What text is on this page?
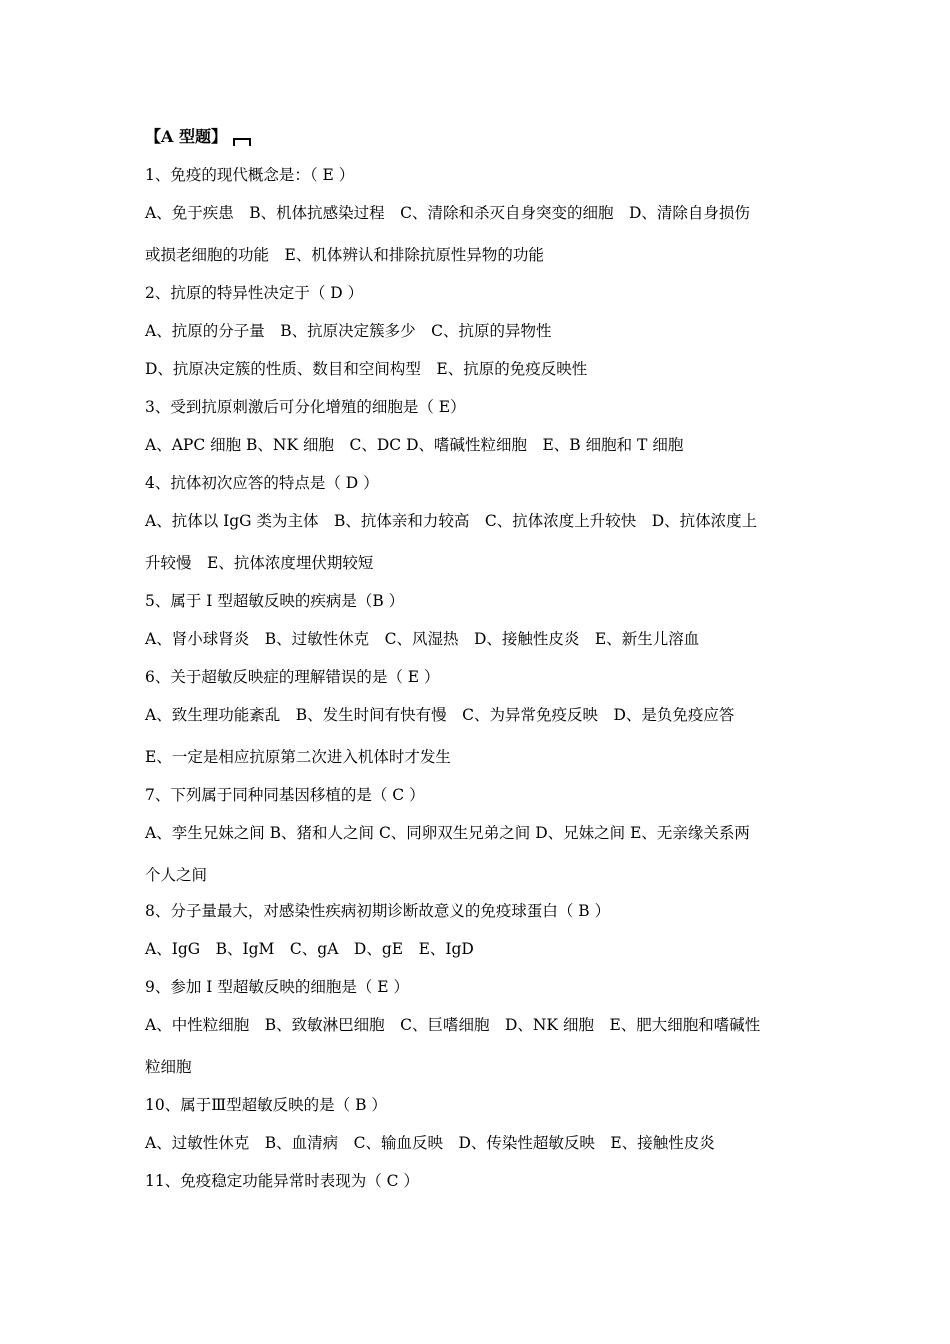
【A 型题】
1、免疫的现代概念是：（ E ）
A、免于疾患　B、机体抗感染过程　C、清除和杀灭自身突变的细胞　D、清除自身损伤
或损老细胞的功能　E、机体辨认和排除抗原性异物的功能
2、抗原的特异性决定于（ D ）
A、抗原的分子量　B、抗原决定簇多少　C、抗原的异物性
D、抗原决定簇的性质、数目和空间构型　E、抗原的免疫反映性
3、受到抗原刺激后可分化增殖的细胞是（ E）
A、APC 细胞 B、NK 细胞　C、DC D、嗜碱性粒细胞　E、B 细胞和 T 细胞
4、抗体初次应答的特点是（ D ）
A、抗体以 IgG 类为主体　B、抗体亲和力较高　C、抗体浓度上升较快　D、抗体浓度上
升较慢　E、抗体浓度埋伏期较短
5、属于 I 型超敏反映的疾病是（B ）
A、肾小球肾炎　B、过敏性休克　C、风湿热　D、接触性皮炎　E、新生儿溶血
6、关于超敏反映症的理解错误的是（ E ）
A、致生理功能紊乱　B、发生时间有快有慢　C、为异常免疫反映　D、是负免疫应答
E、一定是相应抗原第二次进入机体时才发生
7、下列属于同种同基因移植的是（ C ）
A、孪生兄妹之间 B、猪和人之间 C、同卵双生兄弟之间 D、兄妹之间 E、无亲缘关系两
个人之间
8、分子量最大，对感染性疾病初期诊断故意义的免疫球蛋白（ B ）
A、IgG　B、IgM　C、gA　D、gE　E、IgD
9、参加 I 型超敏反映的细胞是（ E ）
A、中性粒细胞　B、致敏淋巴细胞　C、巨嗜细胞　D、NK 细胞　E、肥大细胞和嗜碱性
粒细胞
10、属于Ⅲ型超敏反映的是（ B ）
A、过敏性休克　B、血清病　C、输血反映　D、传染性超敏反映　E、接触性皮炎
11、免疫稳定功能异常时表现为（ C ）
